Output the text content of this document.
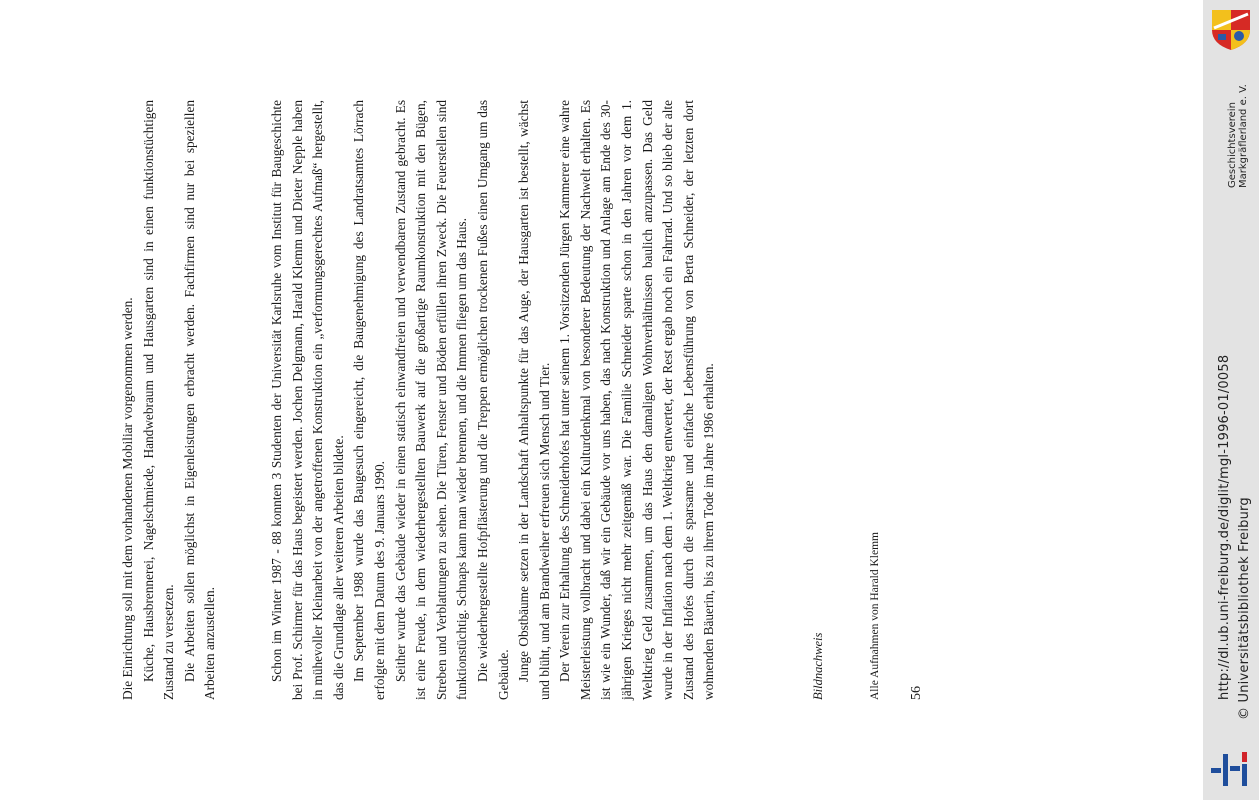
Die Einrichtung soll mit dem vorhandenen Mobiliar vorgenommen werden. Küche, Hausbrennerei, Nagelschmiede, Handwebraum und Hausgarten sind in einen funktionstüchtigen Zustand zu versetzen. Die Arbeiten sollen möglichst in Eigenleistungen erbracht werden. Fachfirmen sind nur bei speziellen Arbeiten anzustellen.	Schon im Winter 1987 - 88 konnten 3 Studenten der Universität Karlsruhe vom Institut für Baugeschichte bei Prof. Schirmer für das Haus begeistert werden. Jochen Delgmann, Harald Klemm und Dieter Nepple haben in mühevoller Kleinarbeit von der angetroffenen Konstruktion ein „verformungsgerechtes Aufmaß“ hergestellt, das die Grundlage aller weiteren Arbeiten bildete. Im September 1988 wurde das Baugesuch eingereicht, die Baugenehmigung des Landratsamtes Lörrach erfolgte mit dem Datum des 9. Januars 1990. Seither wurde das Gebäude wieder in einen statisch einwandfreien und verwendbaren Zustand gebracht. Es ist eine Freude, in dem wiederhergestellten Bauwerk auf die großartige Raumkonstruktion mit den Bügen, Streben und Verblattungen zu sehen. Die Türen, Fenster und Böden erfüllen ihren Zweck. Die Feuerstellen sind funktionstüchtig. Schnaps kann man wieder brennen, und die Immen fliegen um das Haus. Die wiederhergestellte Hofpflästerung und die Treppen ermöglichen trockenen Fußes einen Umgang um das Gebäude. Junge Obstbäume setzen in der Landschaft Anhaltspunkte für das Auge, der Hausgarten ist bestellt, wächst und blüht, und am Brandweiher erfreuen sich Mensch und Tier. Der Verein zur Erhaltung des Schneiderhofes hat unter seinem 1. Vorsitzenden Jürgen Kammerer eine wahre Meisterleistung vollbracht und dabei ein Kulturdenkmal von besonderer Bedeutung der Nachwelt erhalten. Es ist wie ein Wunder, daß wir ein Gebäude vor uns haben, das nach Konstruktion und Anlage am Ende des 30-jährigen Krieges nicht mehr zeitgemäß war. Die Familie Schneider sparte schon in den Jahren vor dem 1. Weltkrieg Geld zusammen, um das Haus den damaligen Wohnverhältnissen baulich anzupassen. Das Geld wurde in der Inflation nach dem 1. Weltkrieg entwertet, der Rest ergab noch ein Fahrrad. Und so blieb der alte Zustand des Hofes durch die sparsame und einfache Lebensführung von Berta Schneider, der letzten dort wohnenden Bäuerin, bis zu ihrem Tode im Jahre 1986 erhalten.	Bildnachweis	Alle Aufnahmen von Harald Klemm	56	http://dl.ub.uni-freiburg.de/diglit/mgl-1996-01/0058 © Universitätsbibliothek Freiburg
Geschichtsverein Markgräflerland e. V.
